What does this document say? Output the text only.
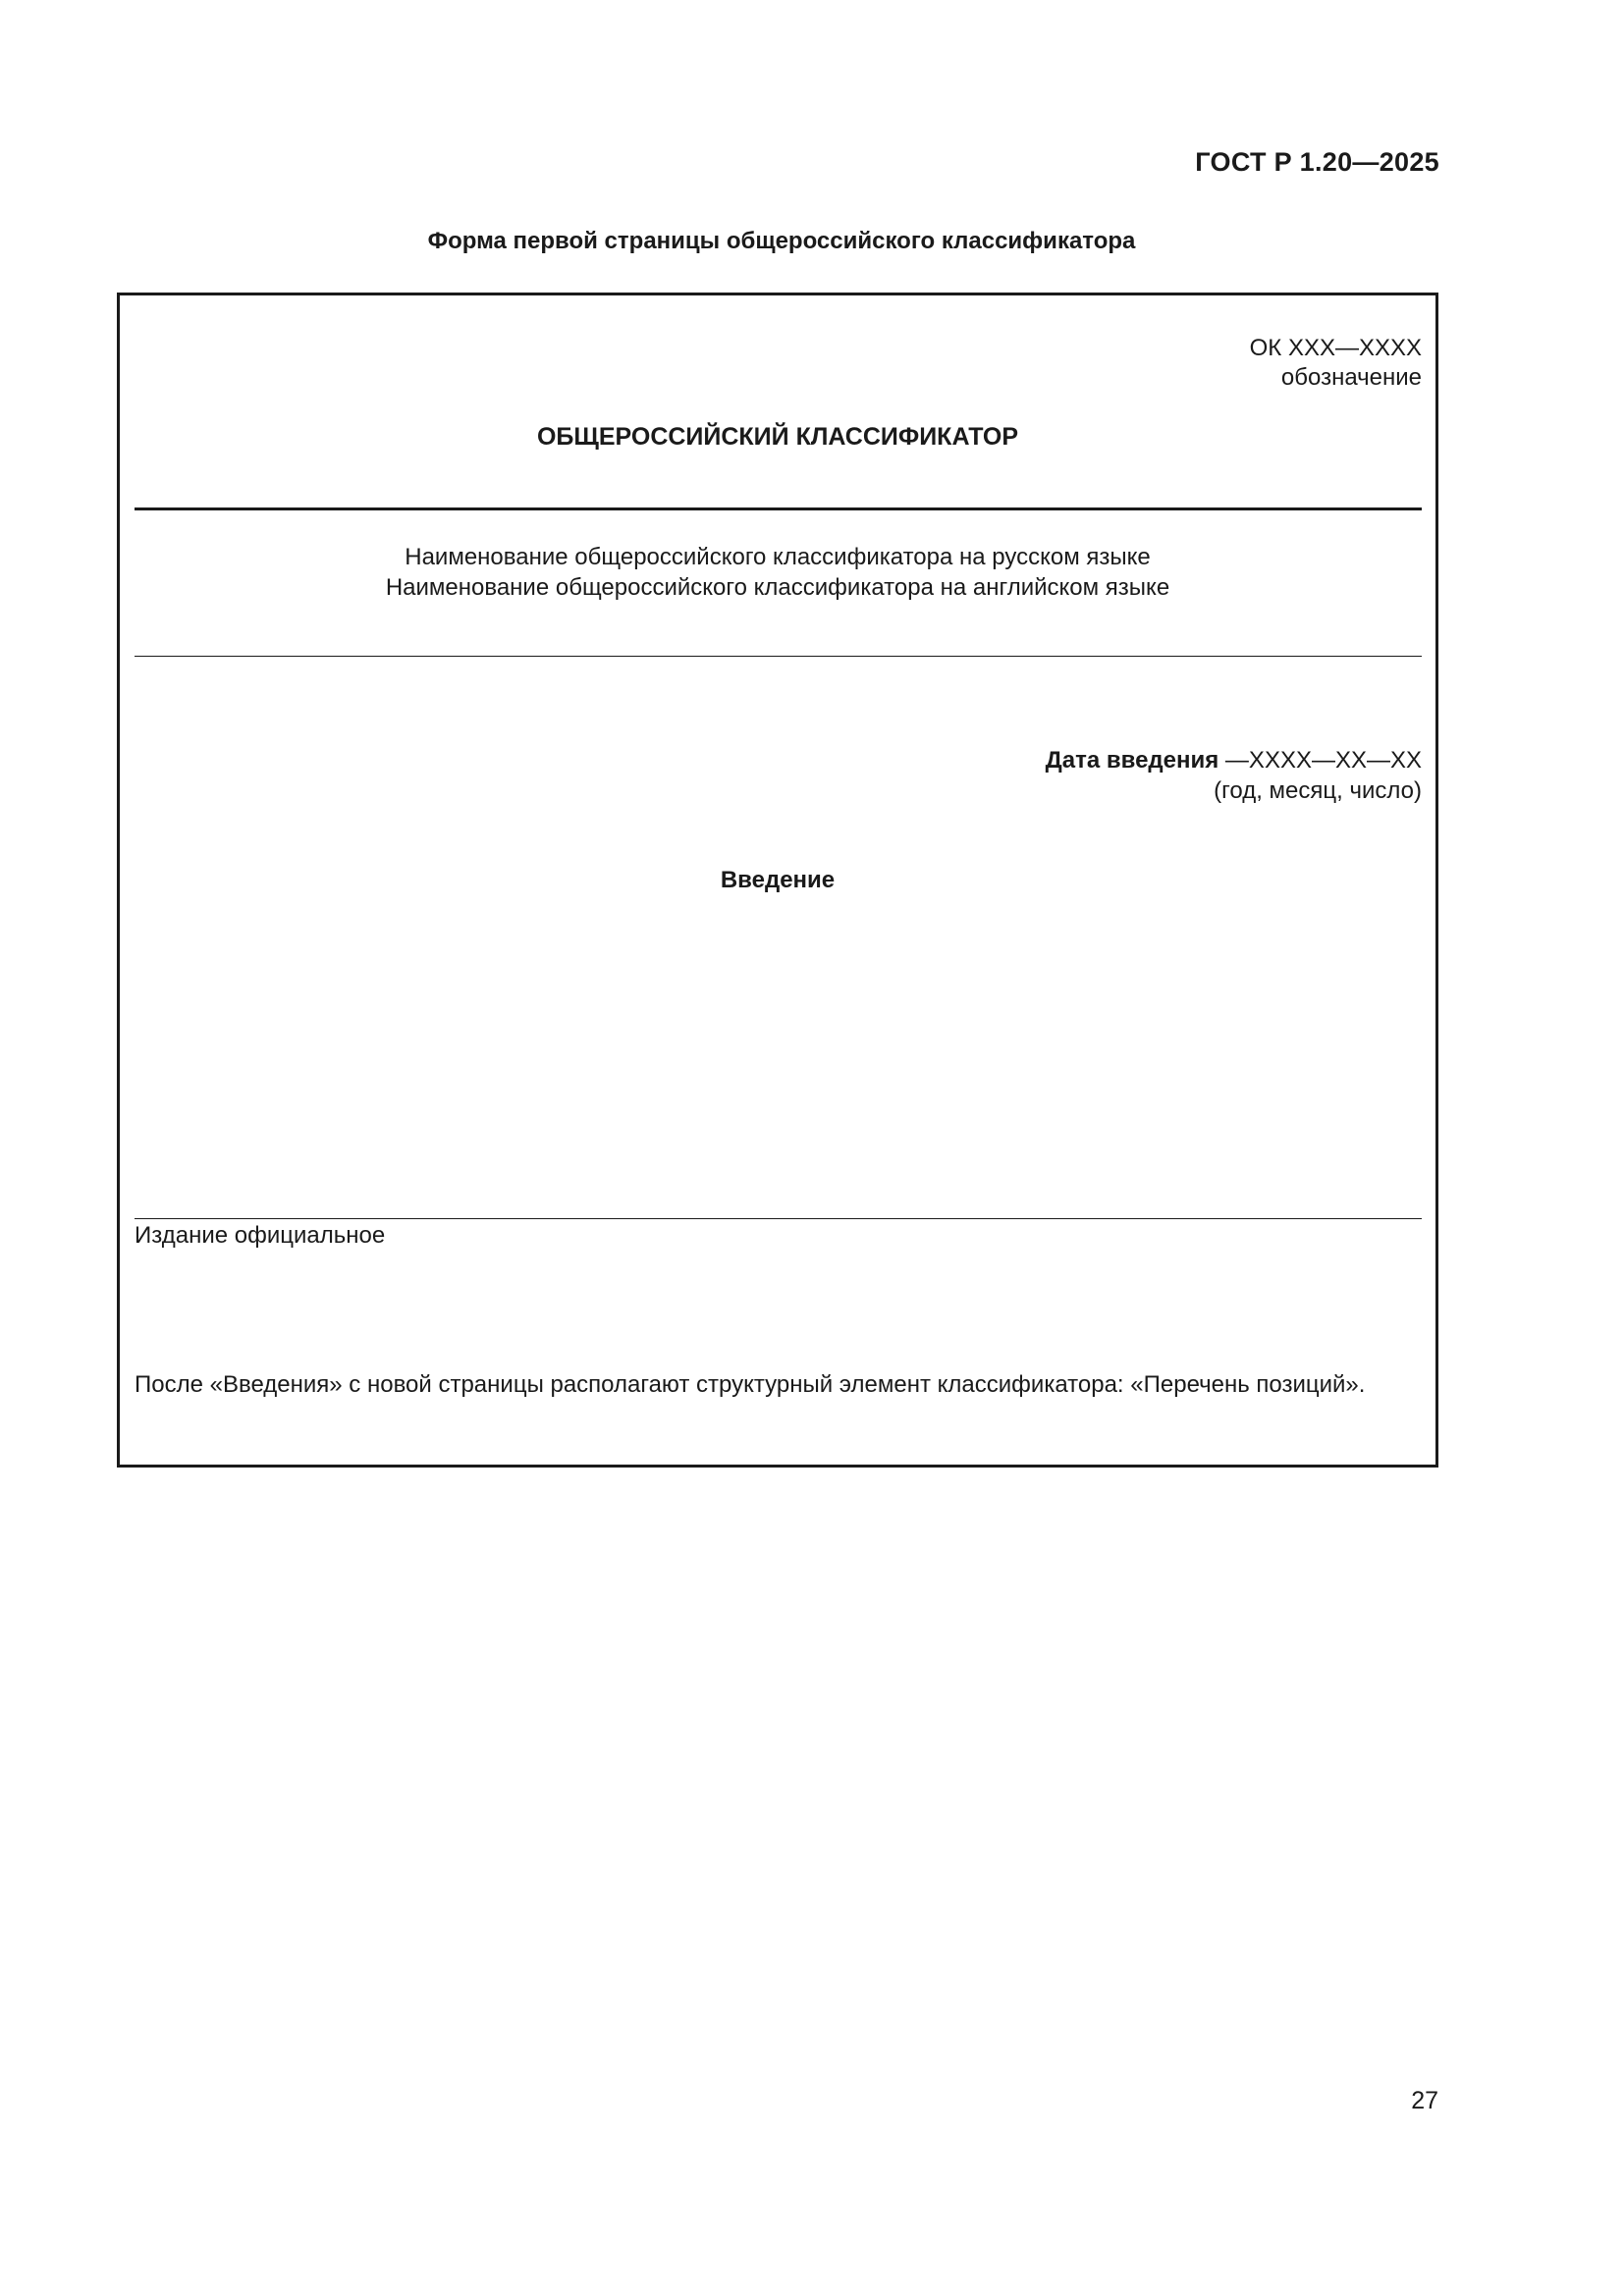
ГОСТ Р 1.20—2025
Форма первой страницы общероссийского классификатора
ОК XXX—XXXX
обозначение
ОБЩЕРОССИЙСКИЙ КЛАССИФИКАТОР
Наименование общероссийского классификатора на русском языке
Наименование общероссийского классификатора на английском языке
Дата введения —XXXX—XX—XX
(год, месяц, число)
Введение
Издание официальное
После «Введения» с новой страницы располагают структурный элемент классификатора: «Перечень позиций».
27
